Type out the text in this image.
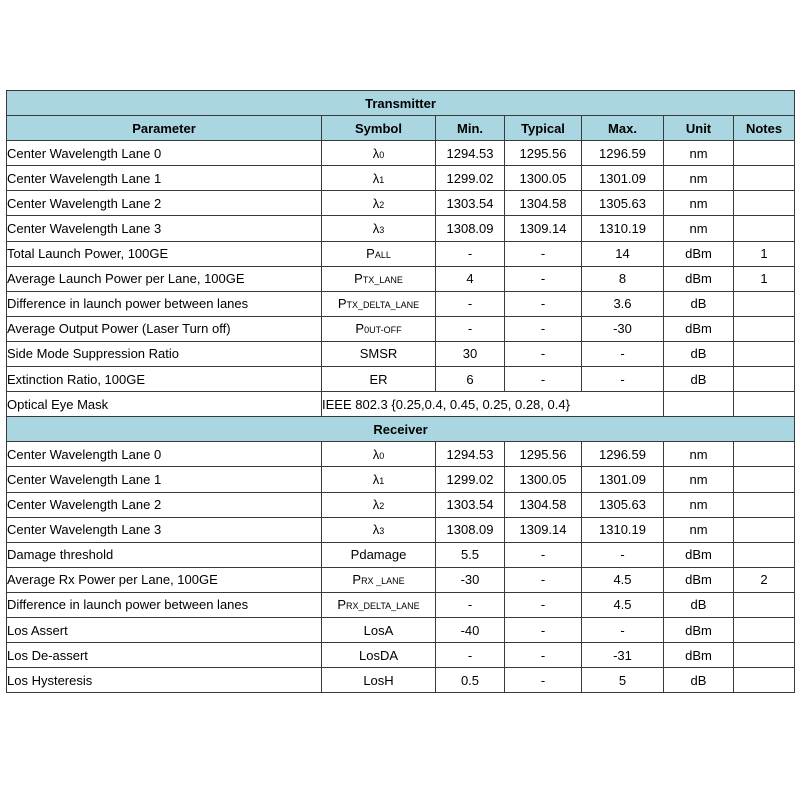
Transmitter						
Parameter	Symbol	Min.	Typical	Max.	Unit	Notes
Center Wavelength Lane 0	λ0	1294.53	1295.56	1296.59	nm	
Center Wavelength Lane 1	λ1	1299.02	1300.05	1301.09	nm	
Center Wavelength Lane 2	λ2	1303.54	1304.58	1305.63	nm	
Center Wavelength Lane 3	λ3	1308.09	1309.14	1310.19	nm	
Total Launch Power, 100GE	PALL	-	-	14	dBm	1
Average Launch Power per Lane, 100GE	PTX_LANE	4	-	8	dBm	1
Difference in launch power between lanes	PTX_DELTA_LANE	-	-	3.6	dB	
Average Output Power (Laser Turn off)	P0UT-OFF	-	-	-30	dBm	
Side Mode Suppression Ratio	SMSR	30	-	-	dB	
Extinction Ratio, 100GE	ER	6	-	-	dB	
Optical Eye Mask	IEEE 802.3 {0.25,0.4, 0.45, 0.25, 0.28, 0.4}					
Receiver						
Center Wavelength Lane 0	λ0	1294.53	1295.56	1296.59	nm	
Center Wavelength Lane 1	λ1	1299.02	1300.05	1301.09	nm	
Center Wavelength Lane 2	λ2	1303.54	1304.58	1305.63	nm	
Center Wavelength Lane 3	λ3	1308.09	1309.14	1310.19	nm	
Damage threshold	Pdamage	5.5	-	-	dBm	
Average Rx Power per Lane, 100GE	PRX _LANE	-30	-	4.5	dBm	2
Difference in launch power between lanes	PRX_DELTA_LANE	-	-	4.5	dB	
Los Assert	LosA	-40	-	-	dBm	
Los De-assert	LosDA	-	-	-31	dBm	
Los Hysteresis	LosH	0.5	-	5	dB	
